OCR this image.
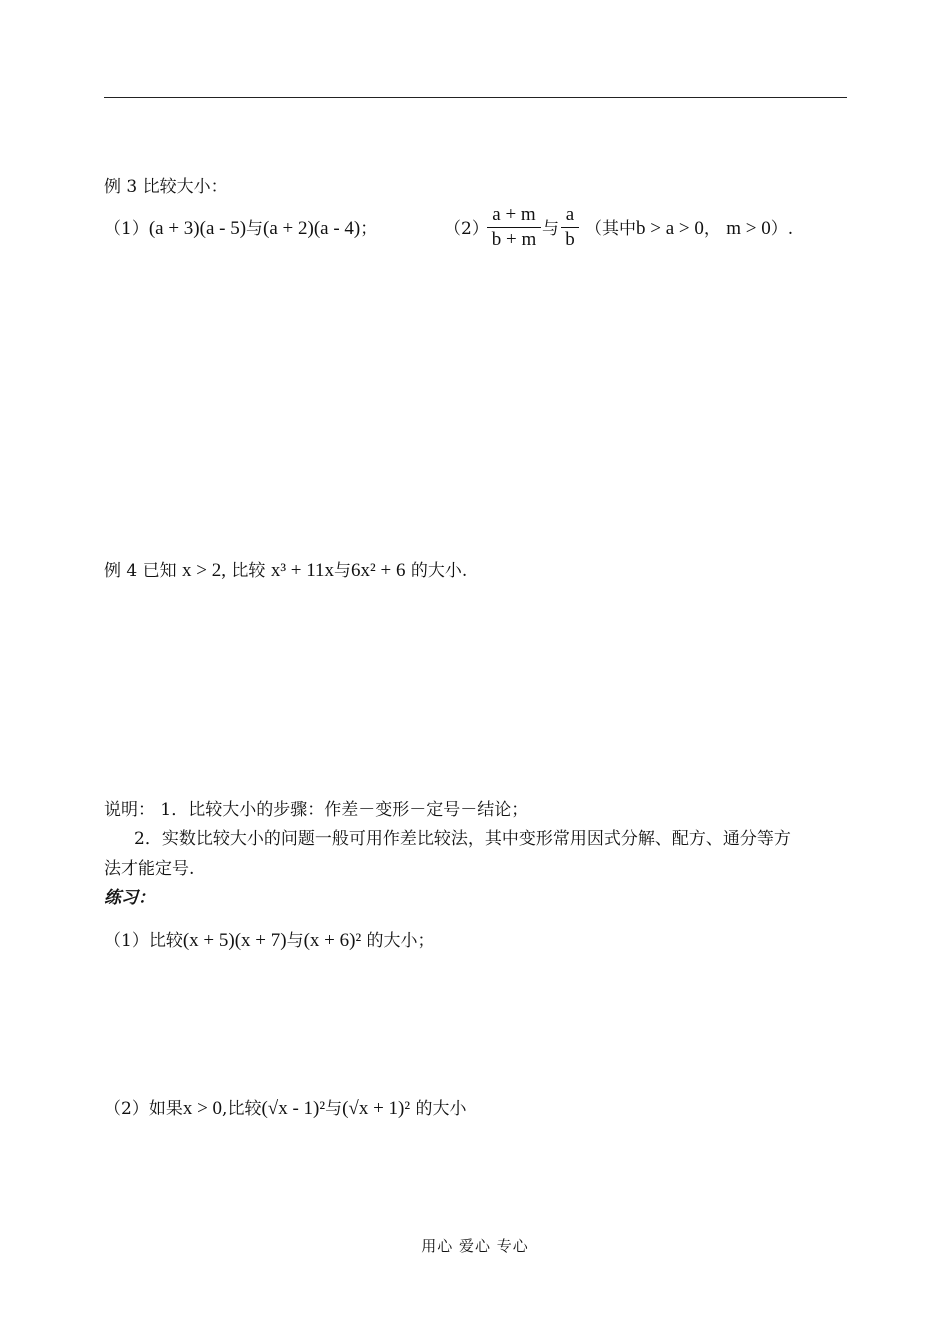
例 3 比较大小：
（1）(a + 3)(a - 5)与(a + 2)(a - 4)；	（2）
a + m
b + m 与
a
b （其中b > a > 0， m > 0）.
例 4 已知 x > 2, 比较 x³ + 11x与6x² + 6 的大小.
说明： 1．比较大小的步骤：作差－变形－定号－结论；
2．实数比较大小的问题一般可用作差比较法，其中变形常用因式分解、配方、通分等方
法才能定号.
练习：
（1）比较(x + 5)(x + 7)与(x + 6)² 的大小；
（2）如果x > 0,比较(√x - 1)²与(√x + 1)² 的大小
用心 爱心 专心
